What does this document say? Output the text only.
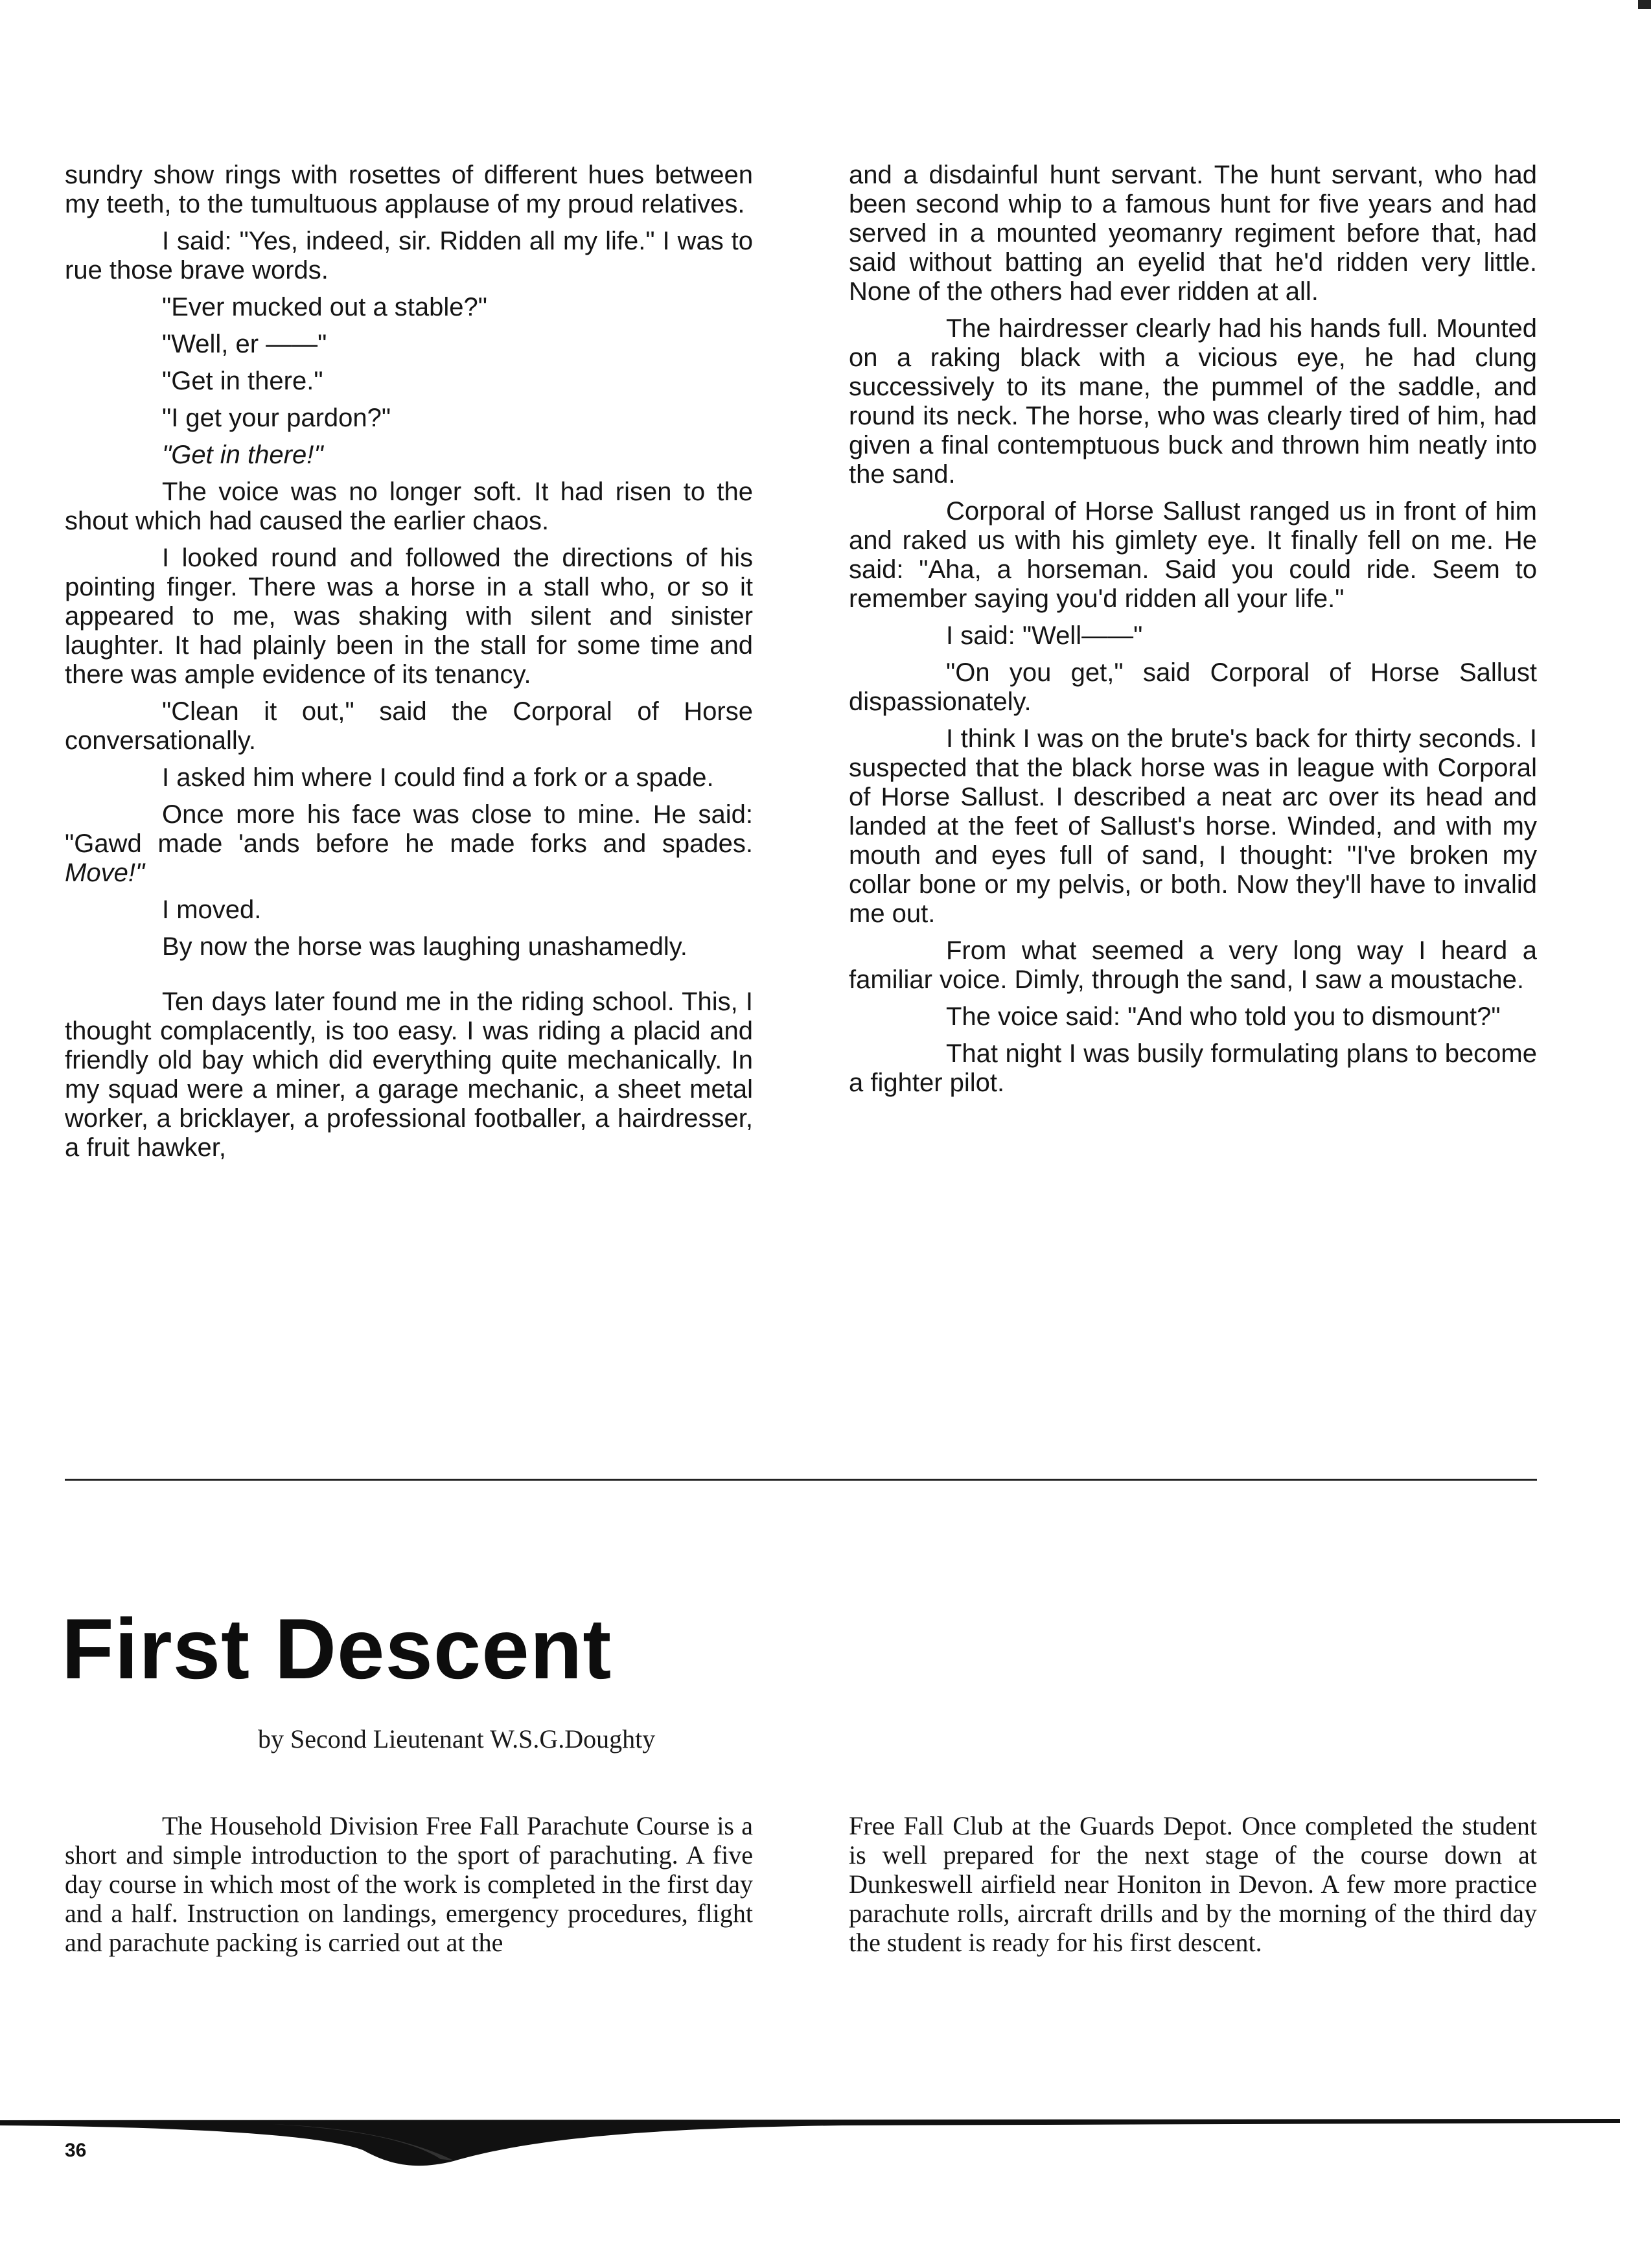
sundry show rings with rosettes of different hues between my teeth, to the tumultuous applause of my proud relatives.

I said: "Yes, indeed, sir. Ridden all my life." I was to rue those brave words.

"Ever mucked out a stable?"

"Well, er ——"

"Get in there."

"I get your pardon?"

"Get in there!"

The voice was no longer soft. It had risen to the shout which had caused the earlier chaos.

I looked round and followed the directions of his pointing finger. There was a horse in a stall who, or so it appeared to me, was shaking with silent and sinister laughter. It had plainly been in the stall for some time and there was ample evidence of its tenancy.

"Clean it out," said the Corporal of Horse conversationally.

I asked him where I could find a fork or a spade.

Once more his face was close to mine. He said: "Gawd made 'ands before he made forks and spades. Move!"

I moved.

By now the horse was laughing unashamedly.

Ten days later found me in the riding school. This, I thought complacently, is too easy. I was riding a placid and friendly old bay which did everything quite mechanically. In my squad were a miner, a garage mechanic, a sheet metal worker, a bricklayer, a professional footballer, a hairdresser, a fruit hawker,

and a disdainful hunt servant. The hunt servant, who had been second whip to a famous hunt for five years and had served in a mounted yeomanry regiment before that, had said without batting an eyelid that he'd ridden very little. None of the others had ever ridden at all.

The hairdresser clearly had his hands full. Mounted on a raking black with a vicious eye, he had clung successively to its mane, the pummel of the saddle, and round its neck. The horse, who was clearly tired of him, had given a final contemptuous buck and thrown him neatly into the sand.

Corporal of Horse Sallust ranged us in front of him and raked us with his gimlety eye. It finally fell on me. He said: "Aha, a horseman. Said you could ride. Seem to remember saying you'd ridden all your life."

I said: "Well——"

"On you get," said Corporal of Horse Sallust dispassionately.

I think I was on the brute's back for thirty seconds. I suspected that the black horse was in league with Corporal of Horse Sallust. I described a neat arc over its head and landed at the feet of Sallust's horse. Winded, and with my mouth and eyes full of sand, I thought: "I've broken my collar bone or my pelvis, or both. Now they'll have to invalid me out.

From what seemed a very long way I heard a familiar voice. Dimly, through the sand, I saw a moustache.

The voice said: "And who told you to dismount?"

That night I was busily formulating plans to become a fighter pilot.

First Descent
by Second Lieutenant W.S.G.Doughty

The Household Division Free Fall Parachute Course is a short and simple introduction to the sport of parachuting. A five day course in which most of the work is completed in the first day and a half. Instruction on landings, emergency procedures, flight and parachute packing is carried out at the

Free Fall Club at the Guards Depot. Once completed the student is well prepared for the next stage of the course down at Dunkeswell airfield near Honiton in Devon. A few more practice parachute rolls, aircraft drills and by the morning of the third day the student is ready for his first descent.

36
